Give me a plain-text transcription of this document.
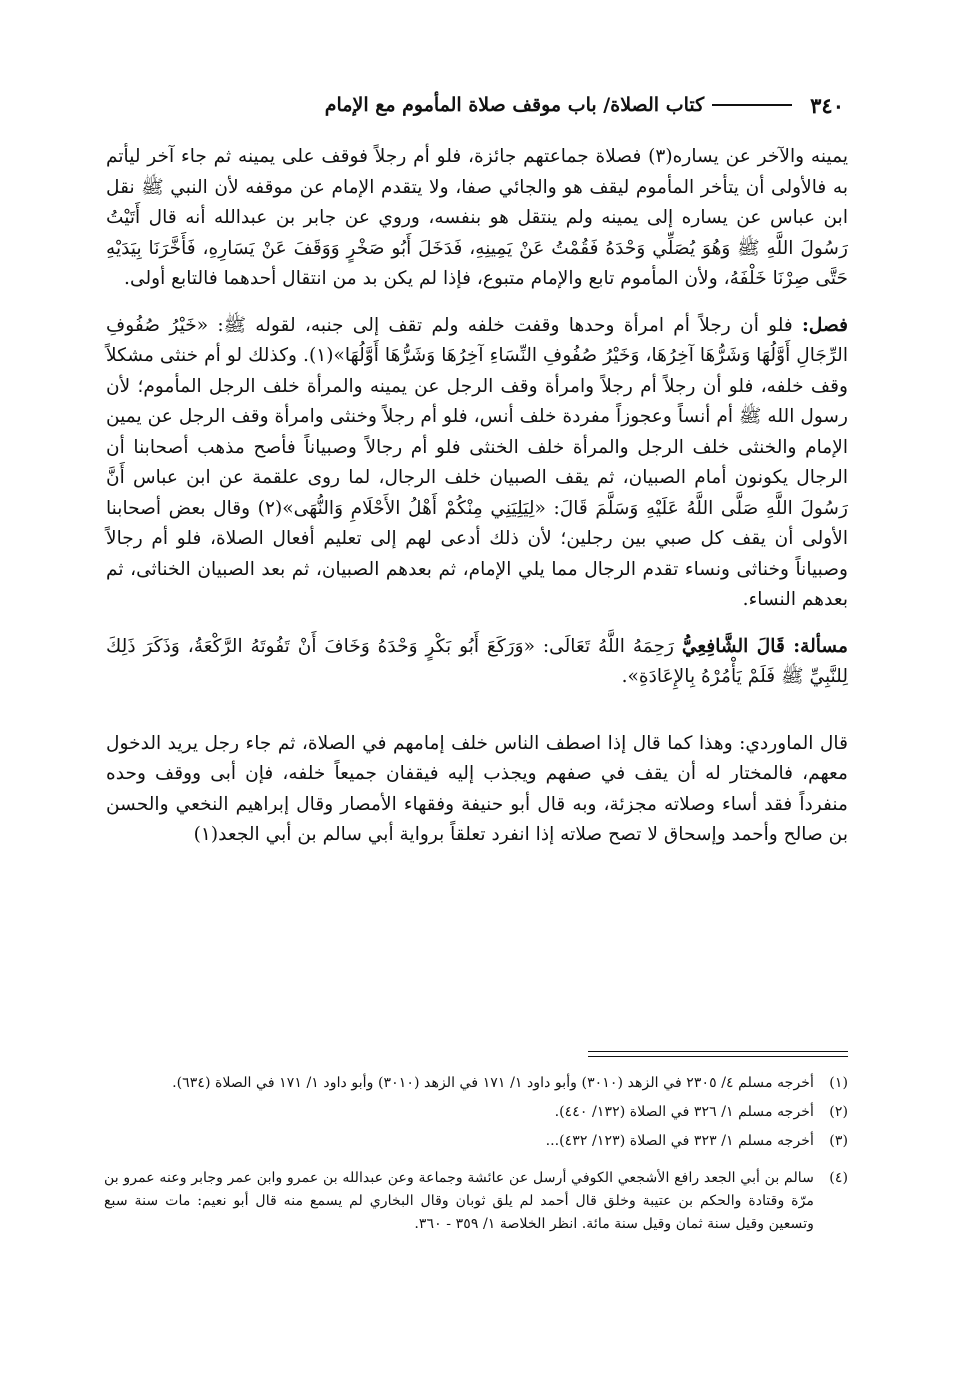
٣٤٠
كتاب الصلاة/ باب موقف صلاة المأموم مع الإمام

يمينه والآخر عن يساره(٣) فصلاة جماعتهم جائزة، فلو أم رجلاً فوقف على يمينه ثم جاء آخر ليأتم به فالأولى أن يتأخر المأموم ليقف هو والجائي صفا، ولا يتقدم الإمام عن موقفه لأن النبي ﷺ نقل ابن عباس عن يساره إلى يمينه ولم ينتقل هو بنفسه، وروي عن جابر بن عبدالله أنه قال أَتَيْتُ رَسُولَ اللَّهِ ﷺ وَهُوَ يُصَلِّي وَحْدَهُ فَقُمْتُ عَنْ يَمِينِهِ، فَدَخَلَ أَبُو صَخْرٍ وَوَقَفَ عَنْ يَسَارِهِ، فَأَخَّرَنَا بِيَدَيْهِ حَتَّى صِرْنَا خَلْفَهُ، ولأن المأموم تابع والإمام متبوع، فإذا لم يكن بد من انتقال أحدهما فالتابع أولى.

فصل: فلو أن رجلاً أم امرأة وحدها وقفت خلفه ولم تقف إلى جنبه، لقوله ﷺ: «خَيْرُ صُفُوفِ الرِّجَالِ أَوَّلُهَا وَشَرُّهَا آخِرُهَا، وَخَيْرُ صُفُوفِ النِّسَاءِ آخِرُهَا وَشَرُّهَا أَوَّلُهَا»(١). وكذلك لو أم خنثى مشكلاً وقف خلفه، فلو أن رجلاً أم رجلاً وامرأة وقف الرجل عن يمينه والمرأة خلف الرجل المأموم؛ لأن رسول الله ﷺ أم أنساً وعجوزاً مفردة خلف أنس، فلو أم رجلاً وخنثى وامرأة وقف الرجل عن يمين الإمام والخنثى خلف الرجل والمرأة خلف الخنثى فلو أم رجالاً وصبياناً فأصح مذهب أصحابنا أن الرجال يكونون أمام الصبيان، ثم يقف الصبيان خلف الرجال، لما روى علقمة عن ابن عباس أَنَّ رَسُولَ اللَّهِ صَلَّى اللَّهُ عَلَيْهِ وَسَلَّمَ قَالَ: «لِيَلِيَنِي مِنْكُمْ أَهْلُ الأَحْلَامِ وَالنُّهَى»(٢) وقال بعض أصحابنا الأولى أن يقف كل صبي بين رجلين؛ لأن ذلك أدعى لهم إلى تعليم أفعال الصلاة، فلو أم رجالاً وصبياناً وخناثى ونساء تقدم الرجال مما يلي الإمام، ثم بعدهم الصبيان، ثم بعد الصبيان الخناثى، ثم بعدهم النساء.

مسألة: قَالَ الشَّافِعِيُّ رَحِمَهُ اللَّهُ تَعَالَى: «وَرَكَعَ أَبُو بَكْرٍ وَحْدَهُ وَخَافَ أَنْ تَفُوتَهُ الرَّكْعَةُ، وَذَكَرَ ذَلِكَ لِلنَّبِيِّ ﷺ فَلَمْ يَأْمُرْهُ بِالإِعَادَةِ».

قال الماوردي: وهذا كما قال إذا اصطف الناس خلف إمامهم في الصلاة، ثم جاء رجل يريد الدخول معهم، فالمختار له أن يقف في صفهم ويجذب إليه فيقفان جميعاً خلفه، فإن أبى ووقف وحده منفرداً فقد أساء وصلاته مجزئة، وبه قال أبو حنيفة وفقهاء الأمصار وقال إبراهيم النخعي والحسن بن صالح وأحمد وإسحاق لا تصح صلاته إذا انفرد تعلقاً برواية أبي سالم بن أبي الجعد(١)

(١)
أخرجه مسلم ٤/ ٢٣٠٥ في الزهد (٣٠١٠) وأبو داود ١/ ١٧١ في الزهد (٣٠١٠) وأبو داود ١/ ١٧١ في الصلاة (٦٣٤).
(٢)
أخرجه مسلم ١/ ٣٢٦ في الصلاة (١٣٢/ ٤٤٠).
(٣)
أخرجه مسلم ١/ ٣٢٣ في الصلاة (١٢٣/ ٤٣٢)...
(٤)
سالم بن أبي الجعد رافع الأشجعي الكوفي أرسل عن عائشة وجماعة وعن عبدالله بن عمرو وابن عمر وجابر وعنه عمرو بن مرّة وقتادة والحكم بن عتيبة وخلق قال أحمد لم يلق ثوبان وقال البخاري لم يسمع منه قال أبو نعيم: مات سنة سبع وتسعين وقيل سنة ثمان وقيل سنة مائة. انظر الخلاصة ١/ ٣٥٩ - ٣٦٠.
